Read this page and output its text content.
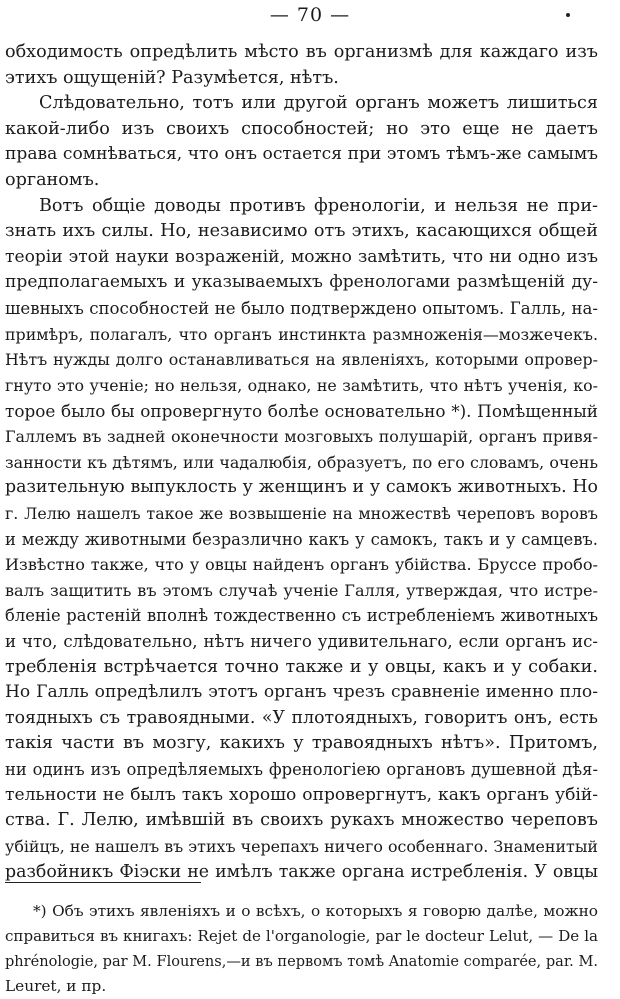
— 70 —
обходимость опредѣлить мѣсто въ организмѣ для каждаго изъ
этихъ ощущеній? Разумѣется, нѣтъ.
Слѣдовательно, тотъ или другой органъ можетъ лишиться
какой-либо изъ своихъ способностей; но это еще не даетъ
права сомнѣваться, что онъ остается при этомъ тѣмъ-же самымъ
органомъ.
Вотъ общіе доводы противъ френологіи, и нельзя не при-
знать ихъ силы. Но, независимо отъ этихъ, касающихся общей
теоріи этой науки возраженій, можно замѣтить, что ни одно изъ
предполагаемыхъ и указываемыхъ френологами размѣщеній ду-
шевныхъ способностей не было подтверждено опытомъ. Галль, на-
примѣръ, полагалъ, что органъ инстинкта размноженія—мозжечекъ.
Нѣтъ нужды долго останавливаться на явленіяхъ, которыми опровер-
гнуто это ученіе; но нельзя, однако, не замѣтить, что нѣтъ ученія, ко-
торое было бы опровергнуто болѣе основательно *). Помѣщенный
Галлемъ въ задней оконечности мозговыхъ полушарій, органъ привя-
занности къ дѣтямъ, или чадалюбія, образуетъ, по его словамъ, очень
разительную выпуклость у женщинъ и у самокъ животныхъ. Но
г. Лелю нашелъ такое же возвышеніе на множествѣ череповъ воровъ
и между животными безразлично какъ у самокъ, такъ и у самцевъ.
Извѣстно также, что у овцы найденъ органъ убійства. Бруссе пробо-
валъ защитить въ этомъ случаѣ ученіе Галля, утверждая, что истре-
бленіе растеній вполнѣ тождественно съ истребленіемъ животныхъ
и что, слѣдовательно, нѣтъ ничего удивительнаго, если органъ ис-
требленія встрѣчается точно также и у овцы, какъ и у собаки.
Но Галль опредѣлилъ этотъ органъ чрезъ сравненіе именно пло-
тоядныхъ съ травоядными. «У плотоядныхъ, говоритъ онъ, есть
такія части въ мозгу, какихъ у травоядныхъ нѣтъ». Притомъ,
ни одинъ изъ опредѣляемыхъ френологіею органовъ душевной дѣя-
тельности не былъ такъ хорошо опровергнутъ, какъ органъ убій-
ства. Г. Лелю, имѣвшій въ своихъ рукахъ множество череповъ
убійцъ, не нашелъ въ этихъ черепахъ ничего особеннаго. Знаменитый
разбойникъ Фіэски не имѣлъ также органа истребленія. У овцы
*) Объ этихъ явленіяхъ и о всѣхъ, о которыхъ я говорю далѣе, можно
справиться въ книгахъ: Rejet de l'organologie, par le docteur Lelut, — De la
phrénologie, par M. Flourens,—и въ первомъ томѣ Anatomie comparée, par. M.
Leuret, и пр.
